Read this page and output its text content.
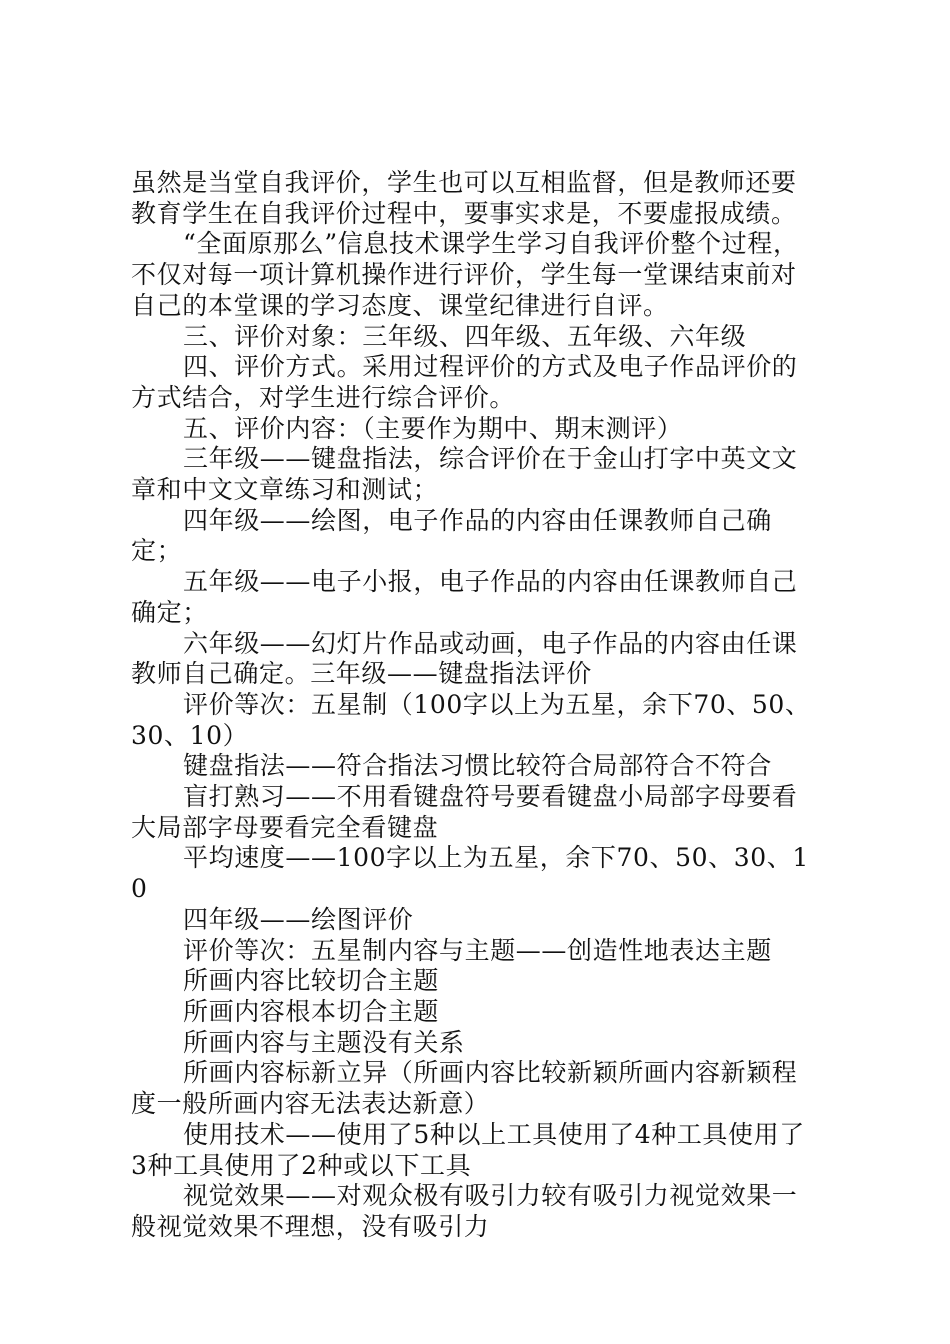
虽然是当堂自我评价，学生也可以互相监督，但是教师还要教育学生在自我评价过程中，要事实求是，不要虚报成绩。

“全面原那么”信息技术课学生学习自我评价整个过程，不仅对每一项计算机操作进行评价，学生每一堂课结束前对自己的本堂课的学习态度、课堂纪律进行自评。

三、评价对象：三年级、四年级、五年级、六年级

四、评价方式。采用过程评价的方式及电子作品评价的方式结合，对学生进行综合评价。

五、评价内容：（主要作为期中、期末测评）

三年级——键盘指法，综合评价在于金山打字中英文文章和中文文章练习和测试；

四年级——绘图，电子作品的内容由任课教师自己确定；

五年级——电子小报，电子作品的内容由任课教师自己确定；

六年级——幻灯片作品或动画，电子作品的内容由任课教师自己确定。三年级——键盘指法评价

评价等次：五星制（100字以上为五星，余下70、50、30、10）

键盘指法——符合指法习惯比较符合局部符合不符合

盲打熟习——不用看键盘符号要看键盘小局部字母要看大局部字母要看完全看键盘

平均速度——100字以上为五星，余下70、50、30、10

四年级——绘图评价

评价等次：五星制内容与主题——创造性地表达主题

所画内容比较切合主题

所画内容根本切合主题

所画内容与主题没有关系

所画内容标新立异（所画内容比较新颖所画内容新颖程度一般所画内容无法表达新意）

使用技术——使用了5种以上工具使用了4种工具使用了3种工具使用了2种或以下工具

视觉效果——对观众极有吸引力较有吸引力视觉效果一般视觉效果不理想，没有吸引力
